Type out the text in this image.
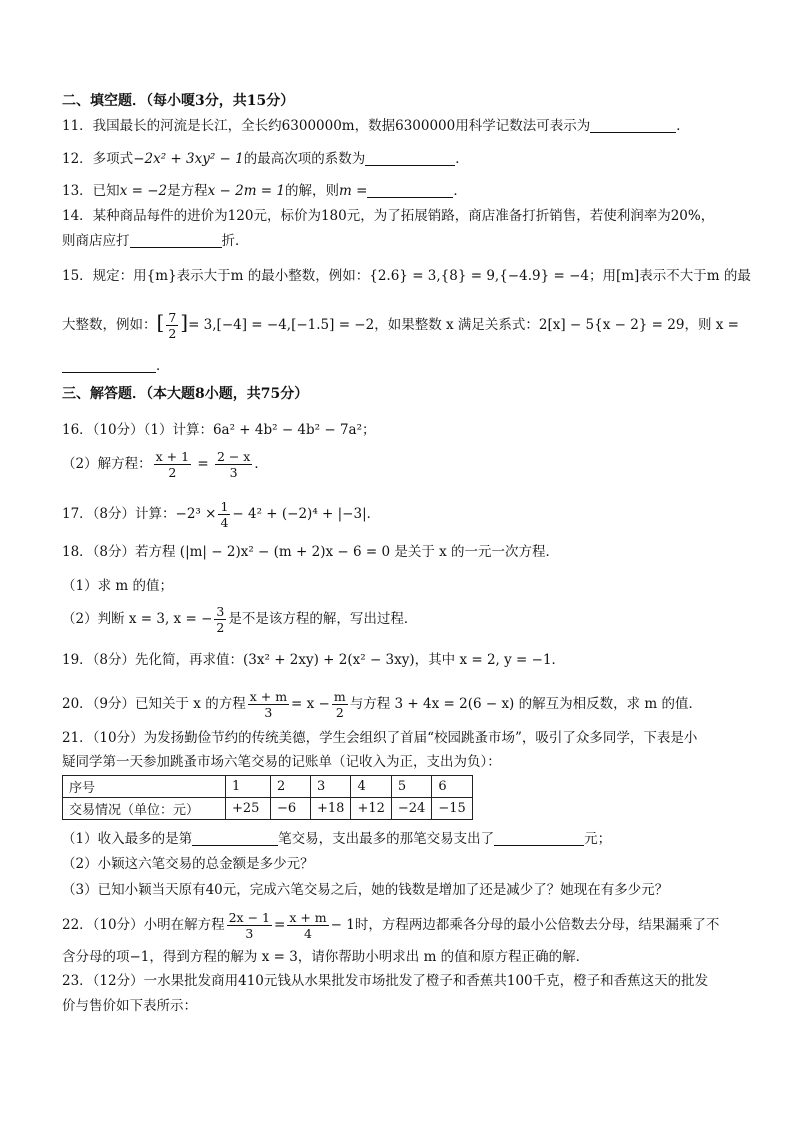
二、填空题．（每小嗄3分，共15分）
11．我国最长的河流是长江，全长约6300000m，数据6300000用科学记数法可表示为	．
12．多项式−2x² + 3xy² − 1的最高次项的系数为	．
13．已知x = −2是方程x − 2m = 1的解，则m =	．
14．某种商品每件的进价为120元，标价为180元，为了拓展销路，商店准备打折销售，若使利润率为20%，
则商店应打	折．
15．规定：用{m}表示大于m 的最小整数，例如：{2.6} = 3,{8} = 9,{−4.9} = −4；用[m]表示不大于m 的最
大整数，例如：[ $\frac{7}{2}$ ]= 3,[−4] = −4,[−1.5] = −2，如果整数 x 满足关系式：2[x] − 5{x − 2} = 29，则 x =
．
三、解答题．（本大题8小题，共75分）
16．（10分）（1）计算：6a² + 4b² − 4b² − 7a²；
（2）解方程： $\frac{x + 1}{2} = \frac{2 - x}{3}$ ．
17．（8分）计算：$-2^3 \times \frac{1}{4} - 4^2 + (-2)^4 + |-3|$．
18．（8分）若方程 (|m| − 2)x² − (m + 2)x − 6 = 0 是关于 x 的一元一次方程．
（1）求 m 的值；
（2）判断 x = 3, x = − $\frac{3}{2}$ 是不是该方程的解，写出过程．
19．（8分）先化简，再求值：(3x² + 2xy) + 2(x² − 3xy)，其中 x = 2, y = −1．
20．（9分）已知关于 x 的方程 $\frac{x + m}{3} = x - \frac{m}{2}$ 与方程 3 + 4x = 2(6 − x) 的解互为相反数，求 m 的值．
21．（10分）为发扬勤俭节约的传统美德，学生会组织了首届“校园跳蚤市场”，吸引了众多同学，下表是小
疑同学第一天参加跳蚤市场六笔交易的记账单（记收入为正，支出为负）：
序号	1	2	3	4	5	6
交易情况（单位：元）	+25	−6	+18	+12	−24	−15
（1）收入最多的是第	笔交易，支出最多的那笔交易支出了	元；
（2）小颖这六笔交易的总金额是多少元？
（3）已知小颖当天原有40元，完成六笔交易之后，她的钱数是增加了还是减少了？她现在有多少元？
22．（10分）小明在解方程 $\frac{2x - 1}{3} = \frac{x + m}{4} - 1$时，方程两边都乘各分母的最小公倍数去分母，结果漏乘了不
含分母的项−1，得到方程的解为 x = 3，请你帮助小明求出 m 的值和原方程正确的解．
23．（12分）一水果批发商用410元钱从水果批发市场批发了橙子和香蕉共100千克，橙子和香蕉这天的批发
价与售价如下表所示：
